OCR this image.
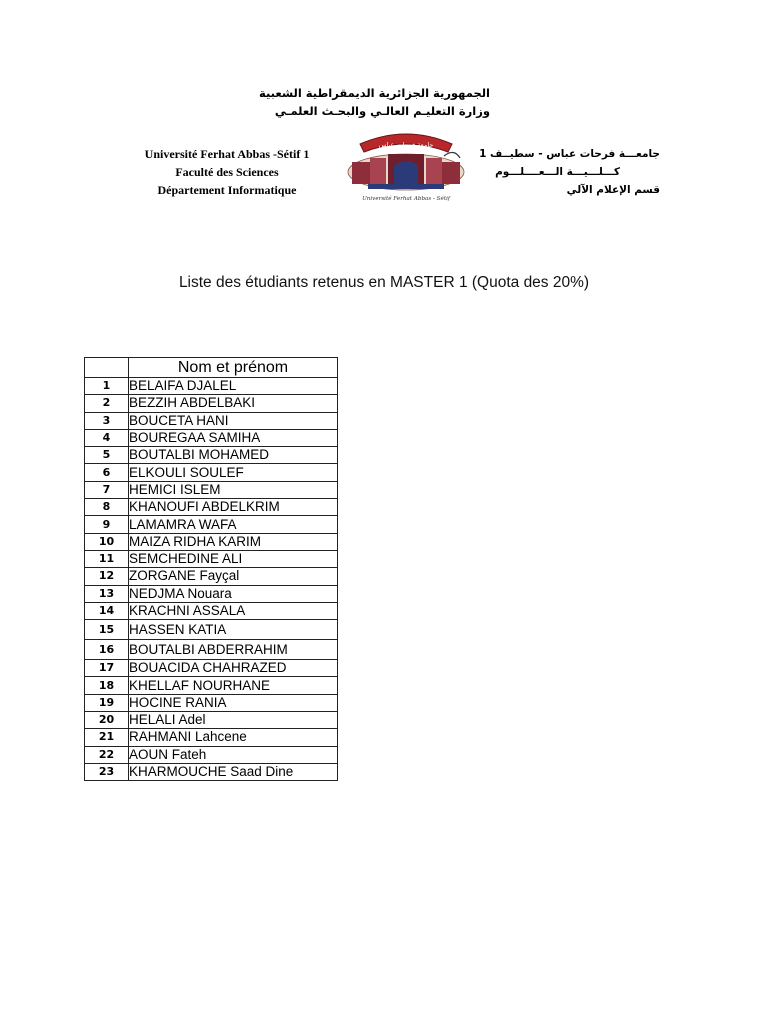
الجمهورية الجزائرية الديمقراطية الشعبية
وزارة التعليـم العالـي والبحـث العلمـي
Université Ferhat Abbas -Sétif 1
Faculté des Sciences
Département Informatique
جامعة فرحات عباس
Université Ferhat Abbas - Sétif
جامعـــة فرحات عباس - سطيــف 1
كـــلـــيـــة الـــعــــلـــوم
قسم الإعلام الآلي
Liste des étudiants retenus en MASTER 1 (Quota des 20%)
	Nom et prénom
1	BELAIFA DJALEL
2	BEZZIH ABDELBAKI
3	BOUCETA HANI
4	BOUREGAA SAMIHA
5	BOUTALBI MOHAMED
6	ELKOULI SOULEF
7	HEMICI ISLEM
8	KHANOUFI ABDELKRIM
9	LAMAMRA WAFA
10	MAIZA RIDHA KARIM
11	SEMCHEDINE ALI
12	ZORGANE Fayçal
13	NEDJMA Nouara
14	KRACHNI ASSALA
15	HASSEN KATIA
16	BOUTALBI ABDERRAHIM
17	BOUACIDA CHAHRAZED
18	KHELLAF NOURHANE
19	HOCINE RANIA
20	HELALI Adel
21	RAHMANI Lahcene
22	AOUN Fateh
23	KHARMOUCHE Saad Dine
